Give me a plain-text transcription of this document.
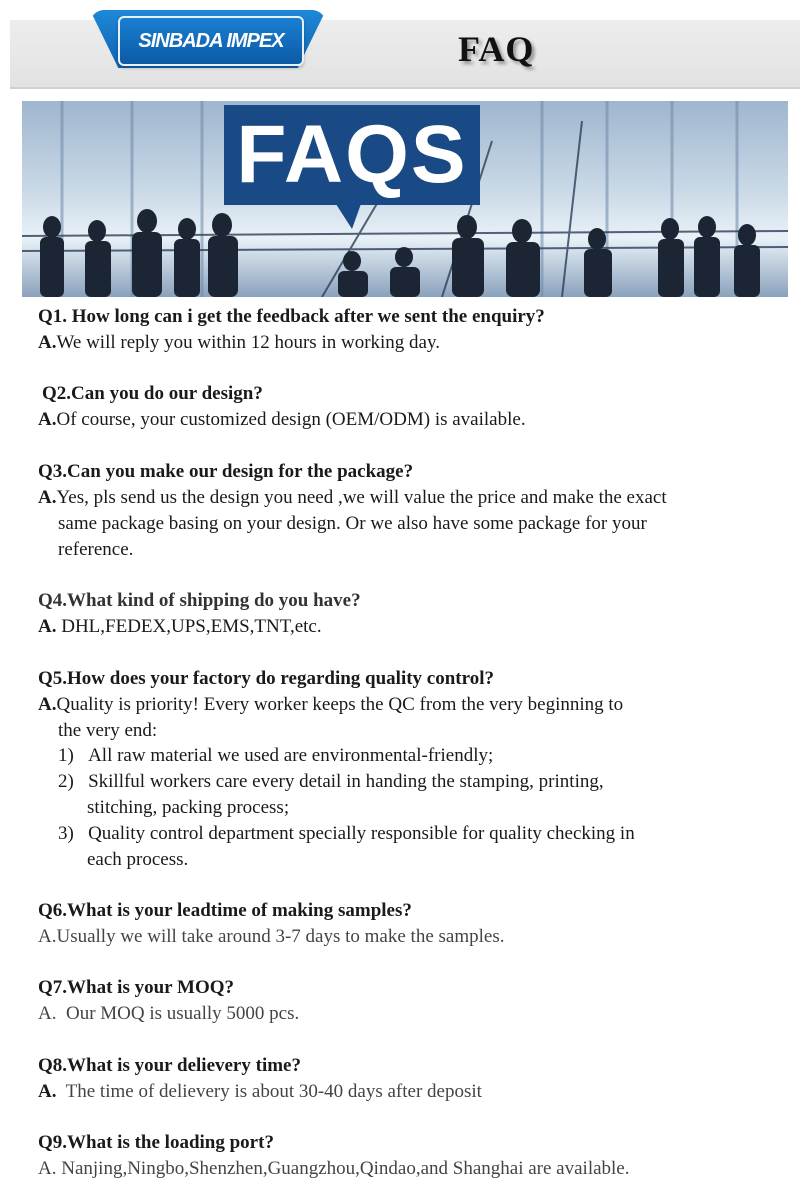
SINBADA IMPEX	FAQ
FAQS
Q1. How long can i get the feedback after we sent the enquiry?
A.We will reply you within 12 hours in working day.
Q2.Can you do our design?
A.Of course, your customized design (OEM/ODM) is available.
Q3.Can you make our design for the package?
A.Yes, pls send us the design you need ,we will value the price and make the exact
same package basing on your design. Or we also have some package for your
reference.
Q4.What kind of shipping do you have?
A. DHL,FEDEX,UPS,EMS,TNT,etc.
Q5.How does your factory do regarding quality control?
A.Quality is priority! Every worker keeps the QC from the very beginning to
the very end:
1) All raw material we used are environmental-friendly;
2) Skillful workers care every detail in handing the stamping, printing,
stitching, packing process;
3) Quality control department specially responsible for quality checking in
each process.
Q6.What is your leadtime of making samples?
A.Usually we will take around 3-7 days to make the samples.
Q7.What is your MOQ?
A.  Our MOQ is usually 5000 pcs.
Q8.What is your delievery time?
A.  The time of delievery is about 30-40 days after deposit
Q9.What is the loading port?
A. Nanjing,Ningbo,Shenzhen,Guangzhou,Qindao,and Shanghai are available.
